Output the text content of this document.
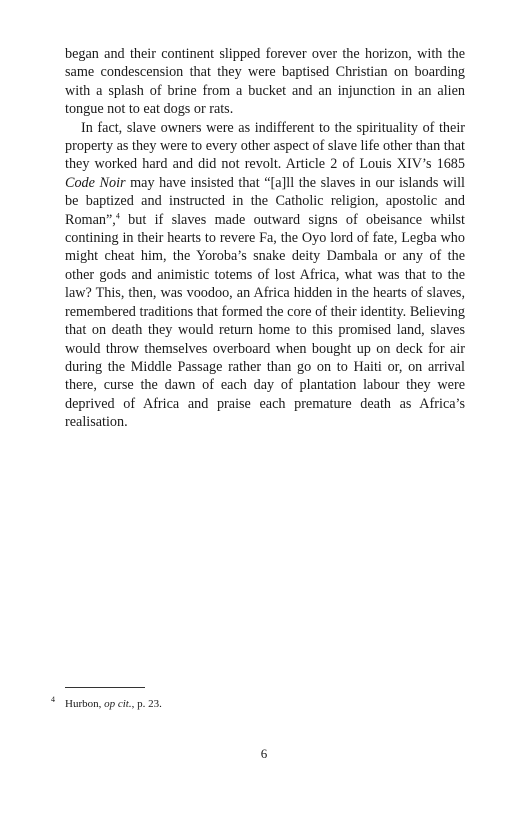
began and their continent slipped forever over the horizon, with the same condescension that they were baptised Christian on boarding with a splash of brine from a bucket and an injunction in an alien tongue not to eat dogs or rats.

In fact, slave owners were as indifferent to the spirituality of their property as they were to every other aspect of slave life other than that they worked hard and did not revolt. Article 2 of Louis XIV’s 1685 Code Noir may have insisted that “[a]ll the slaves in our islands will be baptized and instructed in the Catholic religion, apostolic and Roman”,$^4$ but if slaves made outward signs of obeisance whilst contining in their hearts to revere Fa, the Oyo lord of fate, Legba who might cheat him, the Yoroba’s snake deity Dambala or any of the other gods and animistic totems of lost Africa, what was that to the law? This, then, was voodoo, an Africa hidden in the hearts of slaves, remembered traditions that formed the core of their identity. Believing that on death they would return home to this promised land, slaves would throw themselves overboard when bought up on deck for air during the Middle Passage rather than go on to Haiti or, on arrival there, curse the dawn of each day of plantation labour they were deprived of Africa and praise each premature death as Africa’s realisation.

4 Hurbon, op cit., p. 23.
6
